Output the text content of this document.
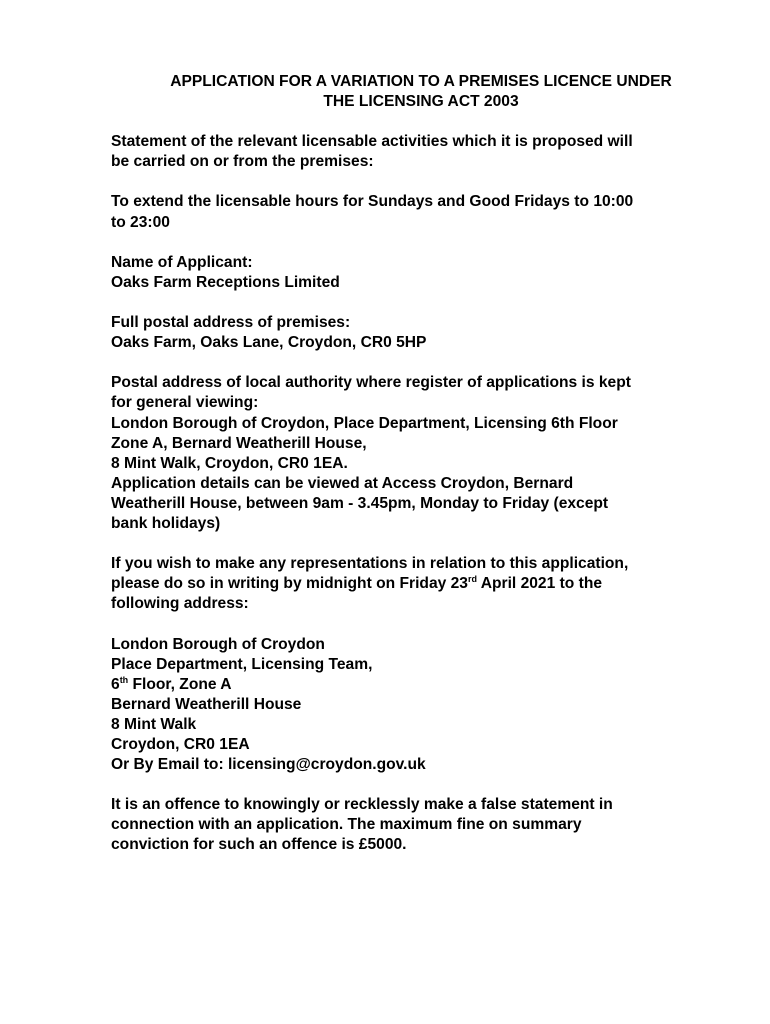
APPLICATION FOR A VARIATION TO A PREMISES LICENCE UNDER
THE LICENSING ACT 2003
Statement of the relevant licensable activities which it is proposed will
be carried on or from the premises:
To extend the licensable hours for Sundays and Good Fridays to 10:00
to 23:00
Name of Applicant:
Oaks Farm Receptions Limited
Full postal address of premises:
Oaks Farm, Oaks Lane, Croydon, CR0 5HP
Postal address of local authority where register of applications is kept
for general viewing:
London Borough of Croydon, Place Department, Licensing 6th Floor
Zone A, Bernard Weatherill House,
8 Mint Walk, Croydon, CR0 1EA.
Application details can be viewed at Access Croydon, Bernard
Weatherill House, between 9am - 3.45pm, Monday to Friday (except
bank holidays)
If you wish to make any representations in relation to this application,
please do so in writing by midnight on Friday 23rd April 2021 to the
following address:
London Borough of Croydon
Place Department, Licensing Team,
6th Floor, Zone A
Bernard Weatherill House
8 Mint Walk
Croydon, CR0 1EA
Or By Email to: licensing@croydon.gov.uk
It is an offence to knowingly or recklessly make a false statement in
connection with an application. The maximum fine on summary
conviction for such an offence is £5000.
